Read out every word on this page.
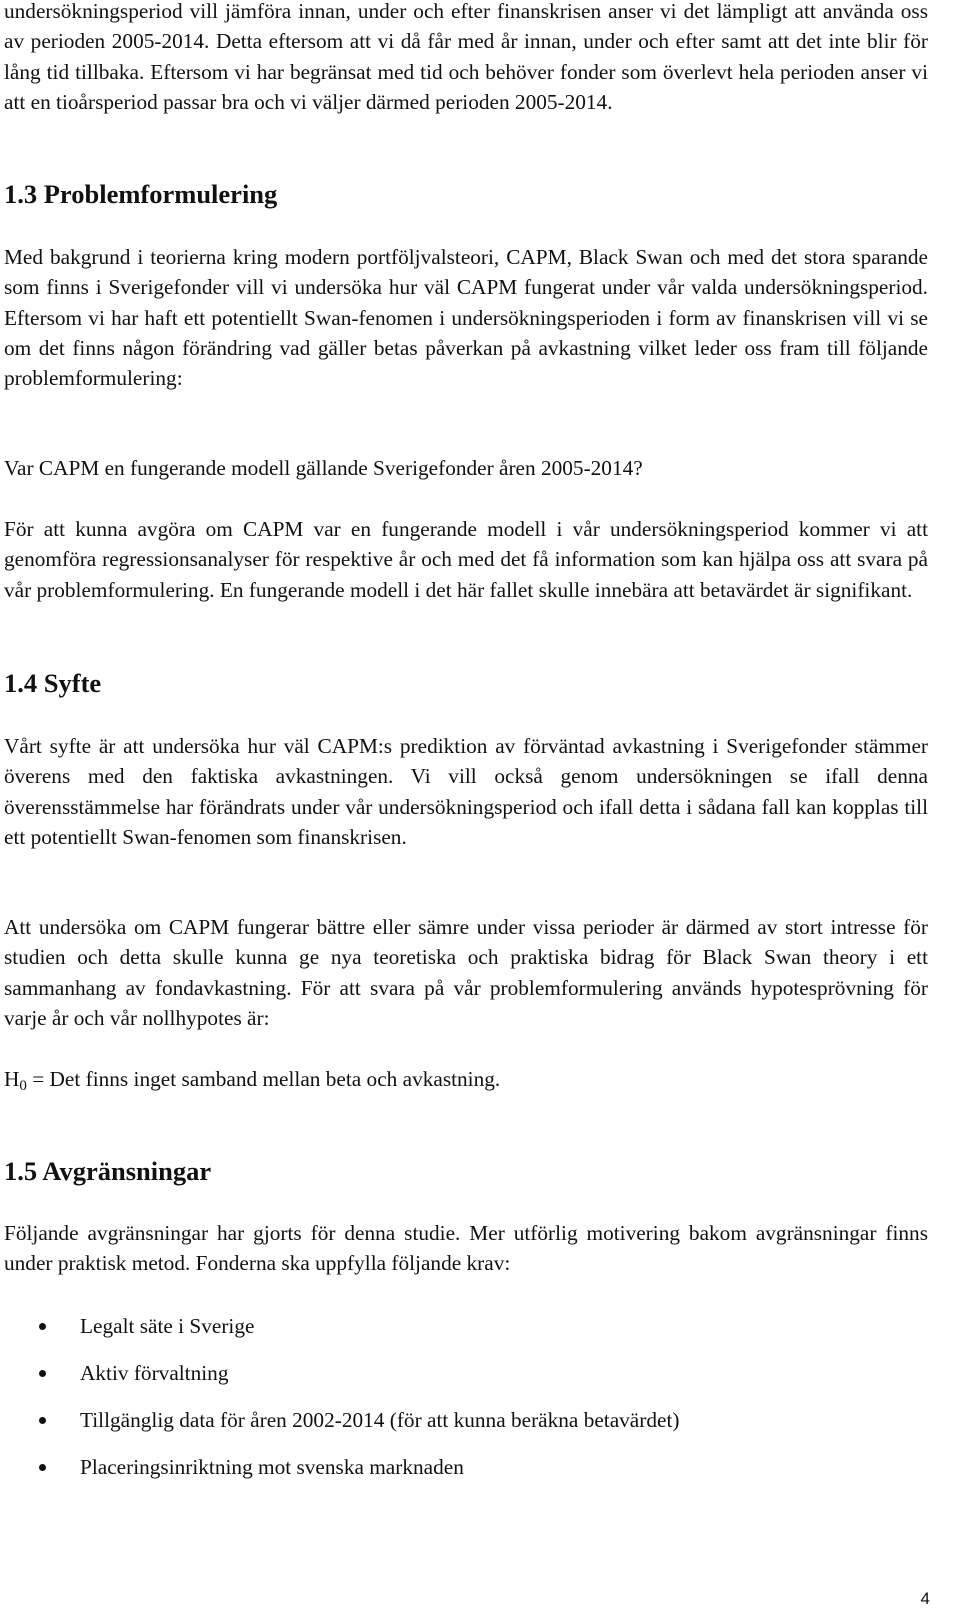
undersökningsperiod vill jämföra innan, under och efter finanskrisen anser vi det lämpligt att använda oss av perioden 2005-2014. Detta eftersom att vi då får med år innan, under och efter samt att det inte blir för lång tid tillbaka. Eftersom vi har begränsat med tid och behöver fonder som överlevt hela perioden anser vi att en tioårsperiod passar bra och vi väljer därmed perioden 2005-2014.

1.3 Problemformulering

Med bakgrund i teorierna kring modern portföljvalsteori, CAPM, Black Swan och med det stora sparande som finns i Sverigefonder vill vi undersöka hur väl CAPM fungerat under vår valda undersökningsperiod. Eftersom vi har haft ett potentiellt Swan-fenomen i undersökningsperioden i form av finanskrisen vill vi se om det finns någon förändring vad gäller betas påverkan på avkastning vilket leder oss fram till följande problemformulering:

Var CAPM en fungerande modell gällande Sverigefonder åren 2005-2014?

För att kunna avgöra om CAPM var en fungerande modell i vår undersökningsperiod kommer vi att genomföra regressionsanalyser för respektive år och med det få information som kan hjälpa oss att svara på vår problemformulering. En fungerande modell i det här fallet skulle innebära att betavärdet är signifikant.

1.4 Syfte

Vårt syfte är att undersöka hur väl CAPM:s prediktion av förväntad avkastning i Sverigefonder stämmer överens med den faktiska avkastningen. Vi vill också genom undersökningen se ifall denna överensstämmelse har förändrats under vår undersökningsperiod och ifall detta i sådana fall kan kopplas till ett potentiellt Swan-fenomen som finanskrisen.

Att undersöka om CAPM fungerar bättre eller sämre under vissa perioder är därmed av stort intresse för studien och detta skulle kunna ge nya teoretiska och praktiska bidrag för Black Swan theory i ett sammanhang av fondavkastning. För att svara på vår problemformulering används hypotesprövning för varje år och vår nollhypotes är:

$H_0$ = Det finns inget samband mellan beta och avkastning.

1.5 Avgränsningar

Följande avgränsningar har gjorts för denna studie. Mer utförlig motivering bakom avgränsningar finns under praktisk metod. Fonderna ska uppfylla följande krav:

Legalt säte i Sverige
Aktiv förvaltning
Tillgänglig data för åren 2002-2014 (för att kunna beräkna betavärdet)
Placeringsinriktning mot svenska marknaden
4
